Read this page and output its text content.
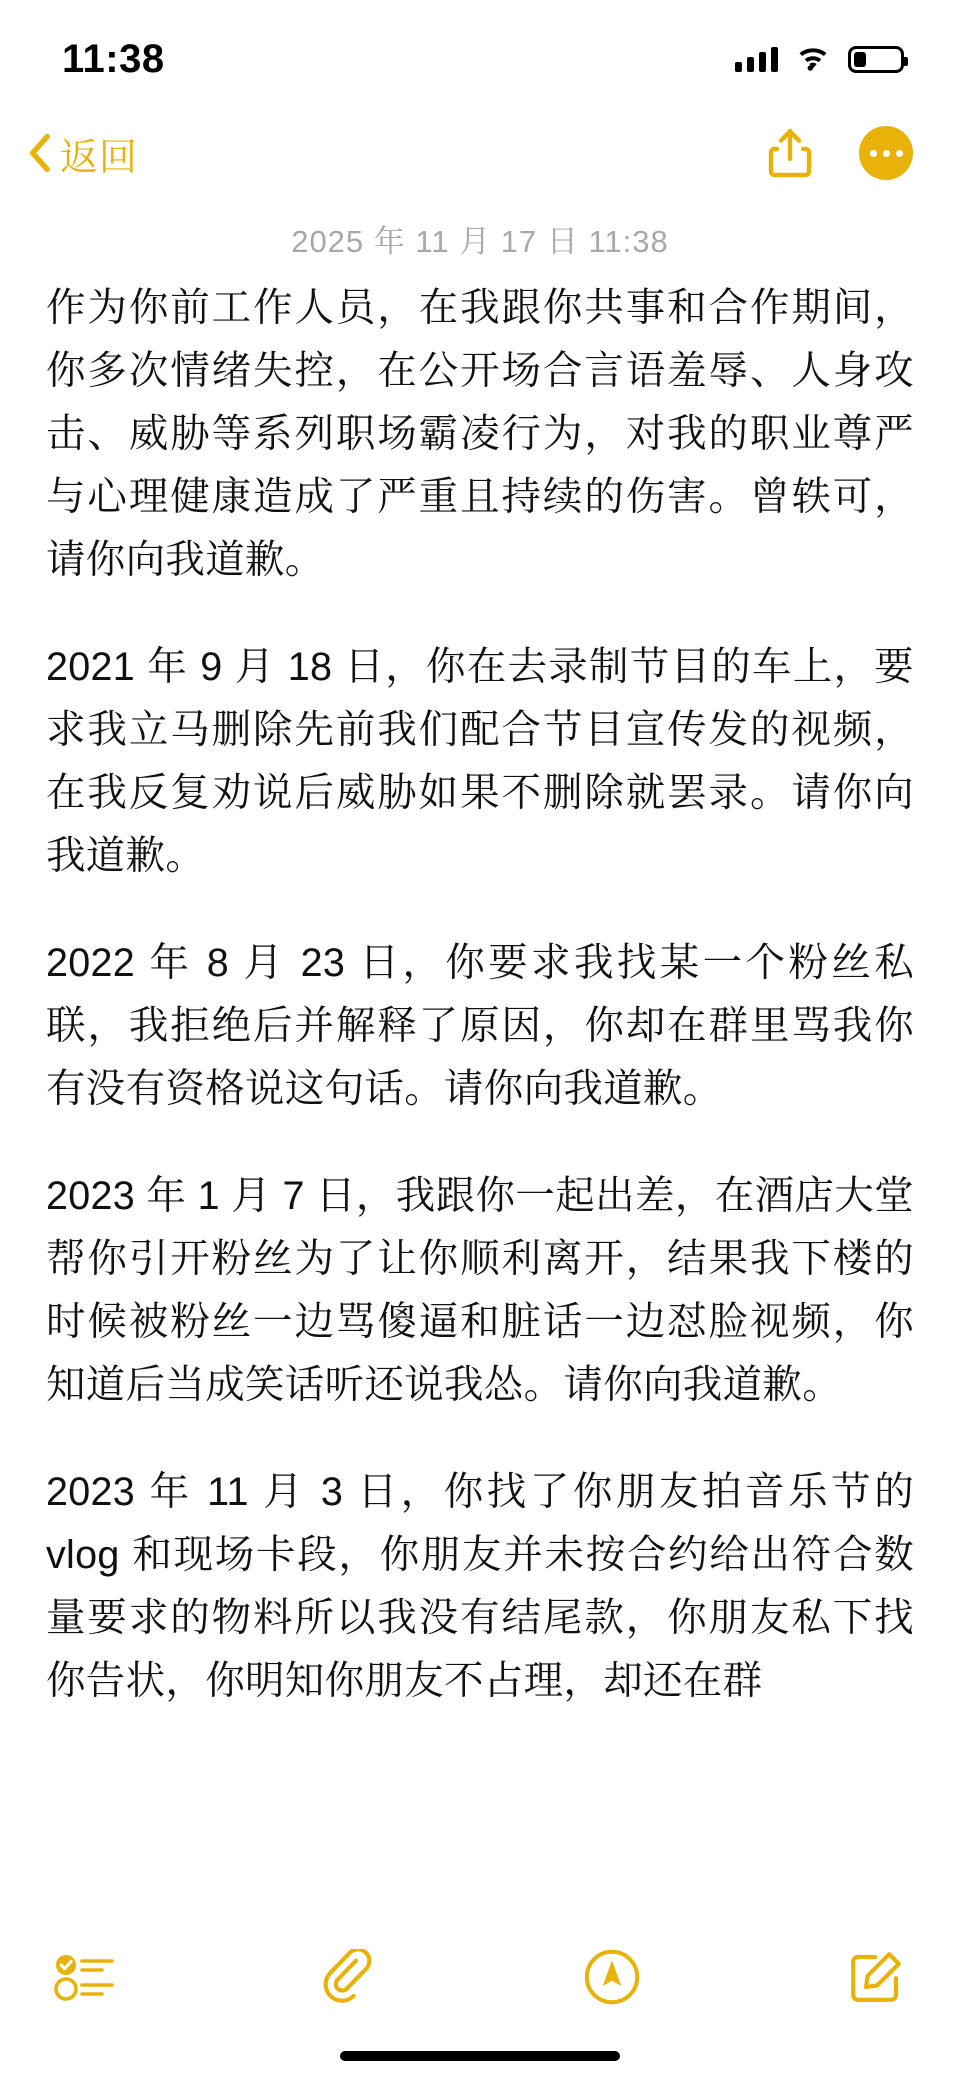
11:38
返回
2025 年 11 月 17 日 11:38

作为你前工作人员，在我跟你共事和合作期间，你多次情绪失控，在公开场合言语羞辱、人身攻击、威胁等系列职场霸凌行为，对我的职业尊严与心理健康造成了严重且持续的伤害。曾轶可，请你向我道歉。

2021 年 9 月 18 日，你在去录制节目的车上，要求我立马删除先前我们配合节目宣传发的视频，在我反复劝说后威胁如果不删除就罢录。请你向我道歉。

2022 年 8 月 23 日，你要求我找某一个粉丝私联，我拒绝后并解释了原因，你却在群里骂我你有没有资格说这句话。请你向我道歉。

2023 年 1 月 7 日，我跟你一起出差，在酒店大堂帮你引开粉丝为了让你顺利离开，结果我下楼的时候被粉丝一边骂傻逼和脏话一边怼脸视频，你知道后当成笑话听还说我怂。请你向我道歉。

2023 年 11 月 3 日，你找了你朋友拍音乐节的 vlog 和现场卡段，你朋友并未按合约给出符合数量要求的物料所以我没有结尾款，你朋友私下找你告状，你明知你朋友不占理，却还在群
